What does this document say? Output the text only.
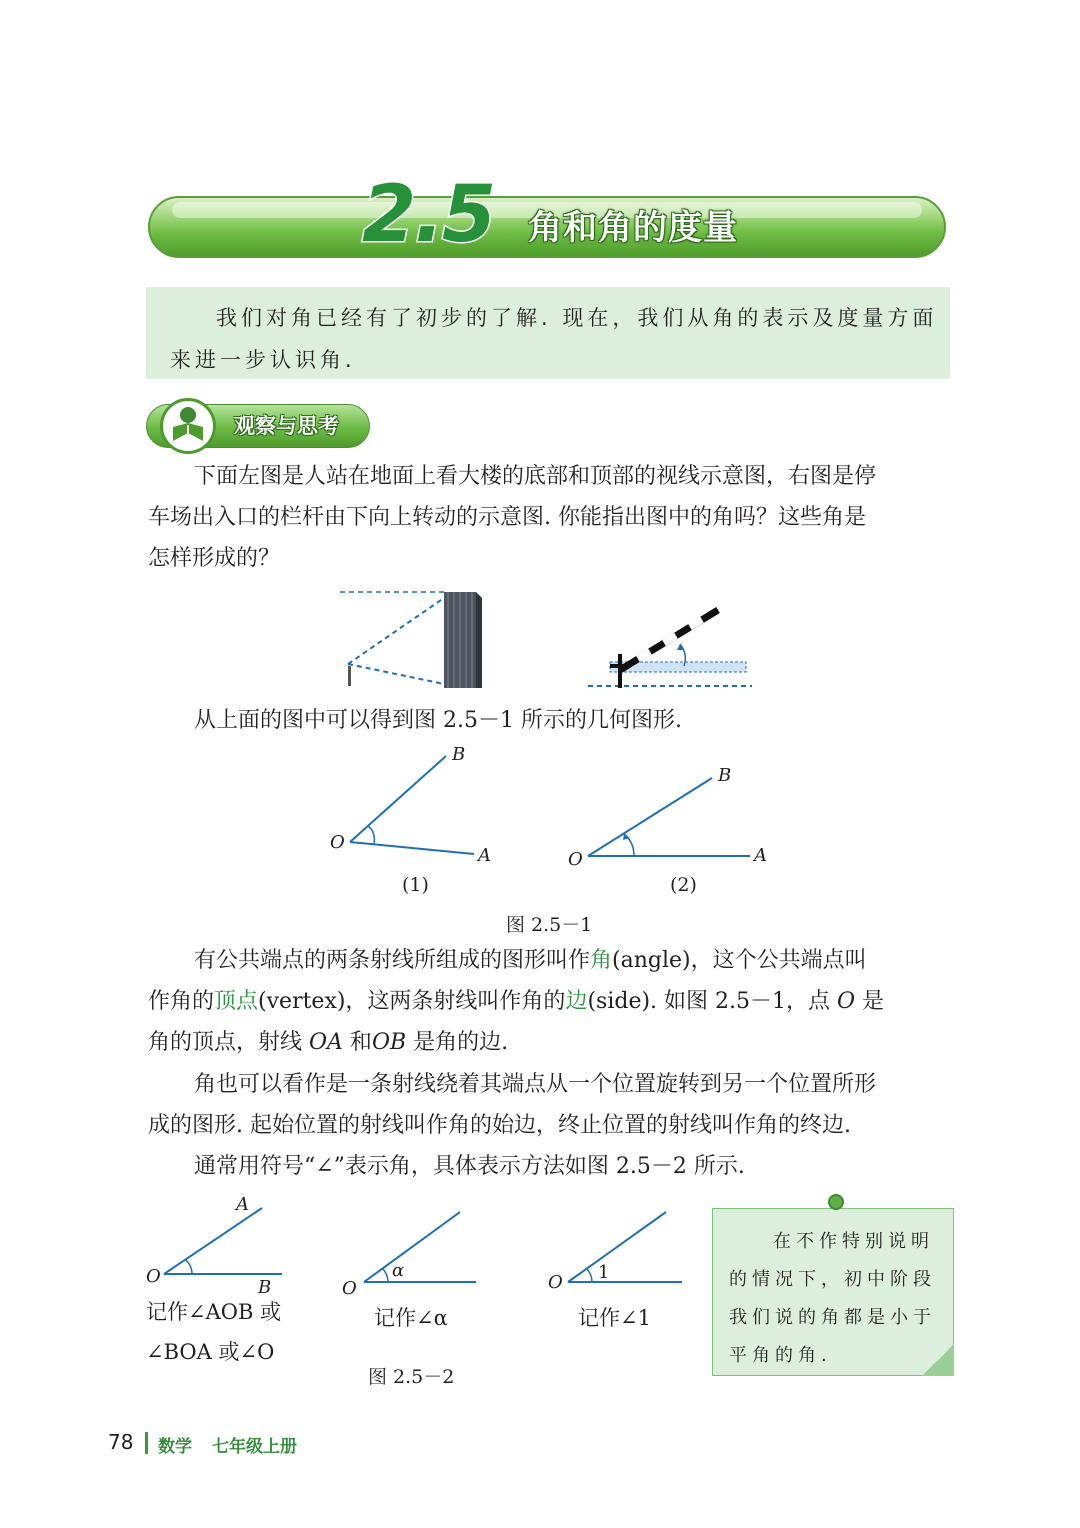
2.5 角和角的度量
我们对角已经有了初步的了解. 现在，我们从角的表示及度量方面
来进一步认识角.
观察与思考
下面左图是人站在地面上看大楼的底部和顶部的视线示意图，右图是停
车场出入口的栏杆由下向上转动的示意图. 你能指出图中的角吗？这些角是
怎样形成的？
从上面的图中可以得到图 2.5－1 所示的几何图形.
O
A
B
(1)
O	A
B
(2)
图 2.5－1
有公共端点的两条射线所组成的图形叫作角(angle)，这个公共端点叫
作角的顶点(vertex)，这两条射线叫作角的边(side). 如图 2.5－1，点 O 是
角的顶点，射线 OA 和OB 是角的边.
角也可以看作是一条射线绕着其端点从一个位置旋转到另一个位置所形
成的图形. 起始位置的射线叫作角的始边，终止位置的射线叫作角的终边.
通常用符号“∠”表示角，具体表示方法如图 2.5－2 所示.
O
A
B
记作∠AOB 或
∠BOA 或∠O
O
α
记作∠α
O 1
记作∠1
图 2.5－2
在不作特别说明
的情况下，初中阶段
我们说的角都是小于
平角的角.
78 数学 七年级上册
